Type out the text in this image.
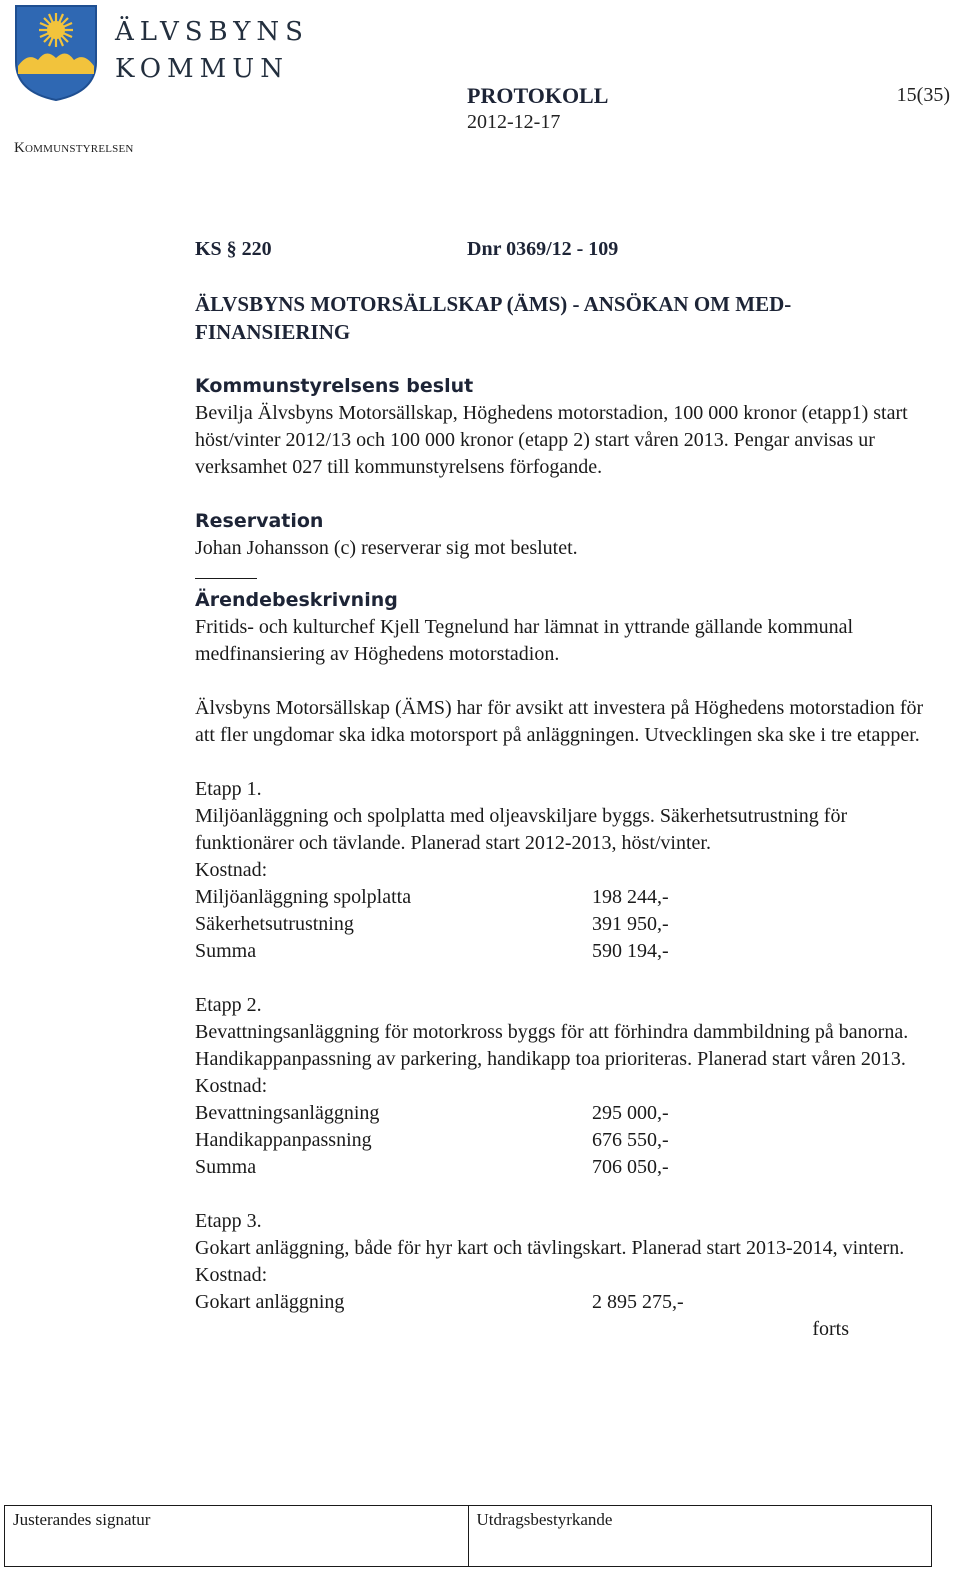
ÄLVSBYNS
KOMMUN
Kommunstyrelsen
PROTOKOLL
2012-12-17
15(35)
KS § 220	Dnr 0369/12 - 109
ÄLVSBYNS MOTORSÄLLSKAP (ÄMS) - ANSÖKAN OM MED-FINANSIERING
Kommunstyrelsens beslut
Bevilja Älvsbyns Motorsällskap, Höghedens motorstadion, 100 000 kronor (etapp1) start höst/vinter 2012/13 och 100 000 kronor (etapp 2) start våren 2013. Pengar anvisas ur verksamhet 027 till kommunstyrelsens förfogande.
Reservation
Johan Johansson (c) reserverar sig mot beslutet.
Ärendebeskrivning
Fritids- och kulturchef Kjell Tegnelund har lämnat in yttrande gällande kommunal medfinansiering av Höghedens motorstadion.
Älvsbyns Motorsällskap (ÄMS) har för avsikt att investera på Höghedens motorstadion för att fler ungdomar ska idka motorsport på anläggningen. Utvecklingen ska ske i tre etapper.
Etapp 1.
Miljöanläggning och spolplatta med oljeavskiljare byggs. Säkerhetsutrustning för funktionärer och tävlande. Planerad start 2012-2013, höst/vinter.
Kostnad:
Miljöanläggning spolplatta	198 244,-
Säkerhetsutrustning	391 950,-
Summa	590 194,-
Etapp 2.
Bevattningsanläggning för motorkross byggs för att förhindra dammbildning på banorna.
Handikappanpassning av parkering, handikapp toa prioriteras. Planerad start våren 2013.
Kostnad:
Bevattningsanläggning	295 000,-
Handikappanpassning	676 550,-
Summa	706 050,-
Etapp 3.
Gokart anläggning, både för hyr kart och tävlingskart. Planerad start 2013-2014, vintern.
Kostnad:
Gokart anläggning	2 895 275,-
forts
Justerandes signatur	Utdragsbestyrkande
